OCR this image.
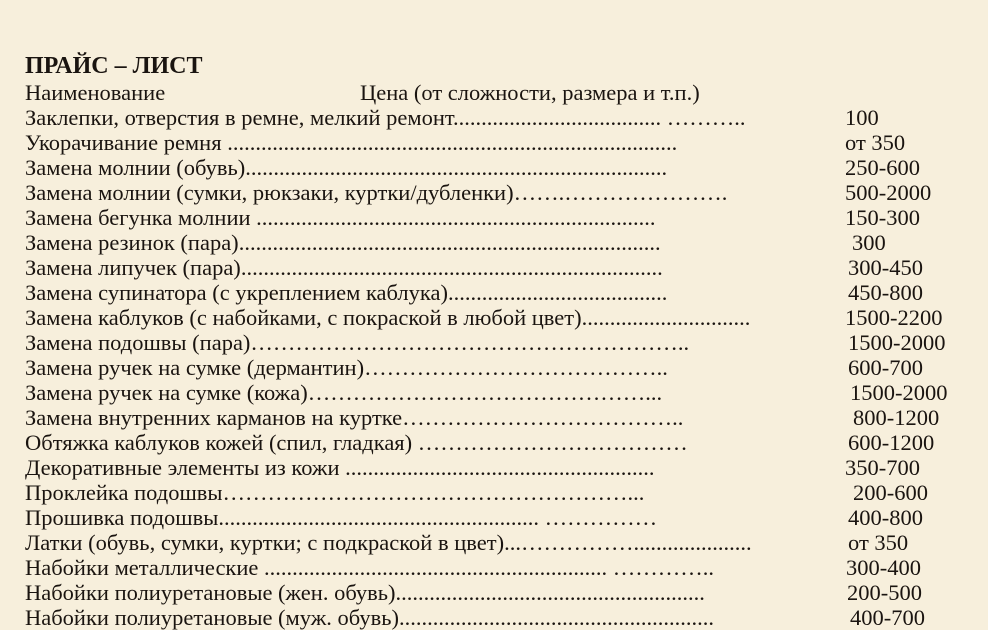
ПРАЙС – ЛИСТ
Наименование	Цена (от сложности, размера и т.п.)
Заклепки, отверстия в ремне, мелкий ремонт..................................... ………..	100
Укорачивание ремня ................................................................................	от 350
Замена молнии (обувь)...........................................................................	250-600
Замена молнии (сумки, рюкзаки, куртки/дубленки)…….………………….	500-2000
Замена бегунка молнии .......................................................................	150-300
Замена резинок (пара)...........................................................................	300
Замена липучек (пара)...........................................................................	300-450
Замена супинатора (с укреплением каблука).......................................	450-800
Замена каблуков (с набойками, с покраской в любой цвет)..............................	1500-2200
Замена подошвы (пара)…………………………………………………..	1500-2000
Замена ручек на сумке (дермантин)…………………………………..	600-700
Замена ручек на сумке (кожа)………………………………………...	1500-2000
Замена внутренних карманов на куртке………………………………..	800-1200
Обтяжка каблуков кожей (спил, гладкая) ………………………………	600-1200
Декоративные элементы из кожи .......................................................	350-700
Проклейка подошвы………………………………………………...	200-600
Прошивка подошвы......................................................... ……………	400-800
Латки (обувь, сумки, куртки; с подкраской в цвет)...…………….....................	от 350
Набойки металлические ............................................................. …………..	300-400
Набойки полиуретановые (жен. обувь).......................................................	200-500
Набойки полиуретановые (муж. обувь)........................................................	400-700
